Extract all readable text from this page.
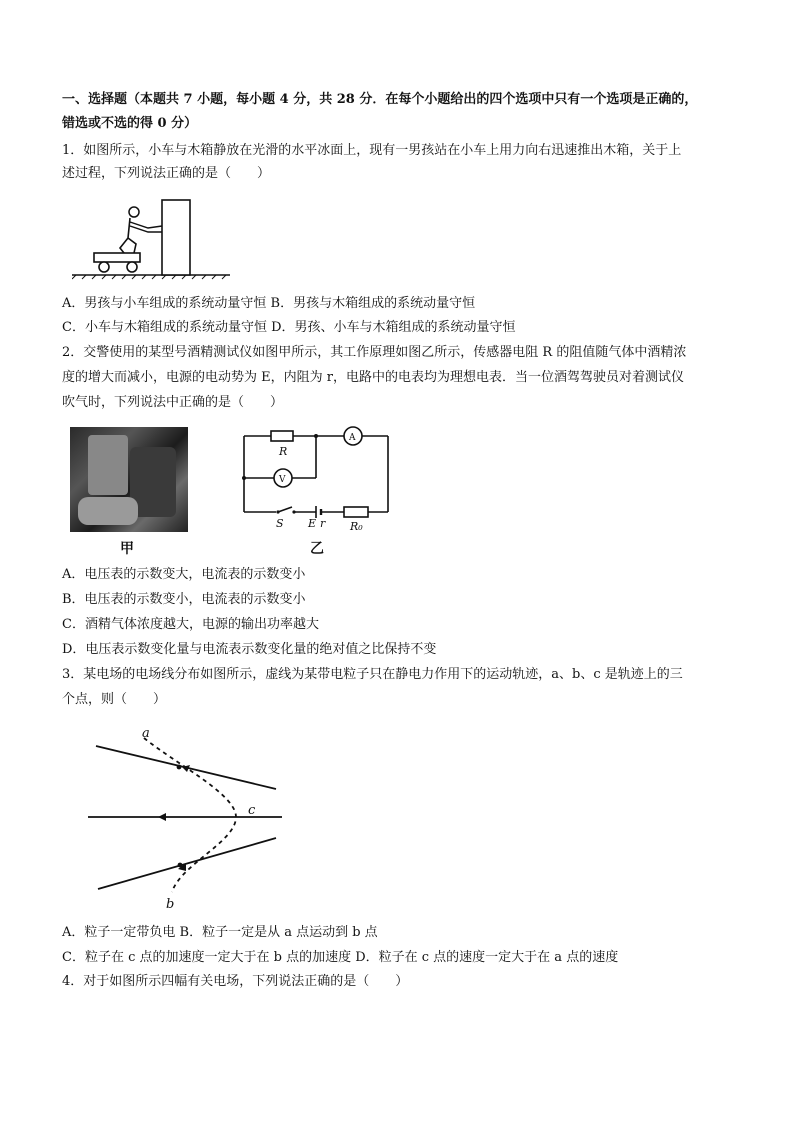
一、选择题（本题共 7 小题，每小题 4 分，共 28 分．在每个小题给出的四个选项中只有一个选项是正确的，
错选或不选的得 0 分）
1．如图所示，小车与木箱静放在光滑的水平冰面上，现有一男孩站在小车上用力向右迅速推出木箱，关于上
述过程，下列说法正确的是（　　）
A．男孩与小车组成的系统动量守恒 B．男孩与木箱组成的系统动量守恒
C．小车与木箱组成的系统动量守恒 D．男孩、小车与木箱组成的系统动量守恒
2．交警使用的某型号酒精测试仪如图甲所示，其工作原理如图乙所示，传感器电阻 R 的阻值随气体中酒精浓
度的增大而减小，电源的电动势为 E，内阻为 r，电路中的电表均为理想电表．当一位酒驾驾驶员对着测试仪
吹气时，下列说法中正确的是（　　）
甲
R
A
V
S E r R₀
乙
A．电压表的示数变大，电流表的示数变小
B．电压表的示数变小，电流表的示数变小
C．酒精气体浓度越大，电源的输出功率越大
D．电压表示数变化量与电流表示数变化量的绝对值之比保持不变
3．某电场的电场线分布如图所示，虚线为某带电粒子只在静电力作用下的运动轨迹，a、b、c 是轨迹上的三
个点，则（　　）
a
c
b
A．粒子一定带负电 B．粒子一定是从 a 点运动到 b 点
C．粒子在 c 点的加速度一定大于在 b 点的加速度 D．粒子在 c 点的速度一定大于在 a 点的速度
4．对于如图所示四幅有关电场，下列说法正确的是（　　）
